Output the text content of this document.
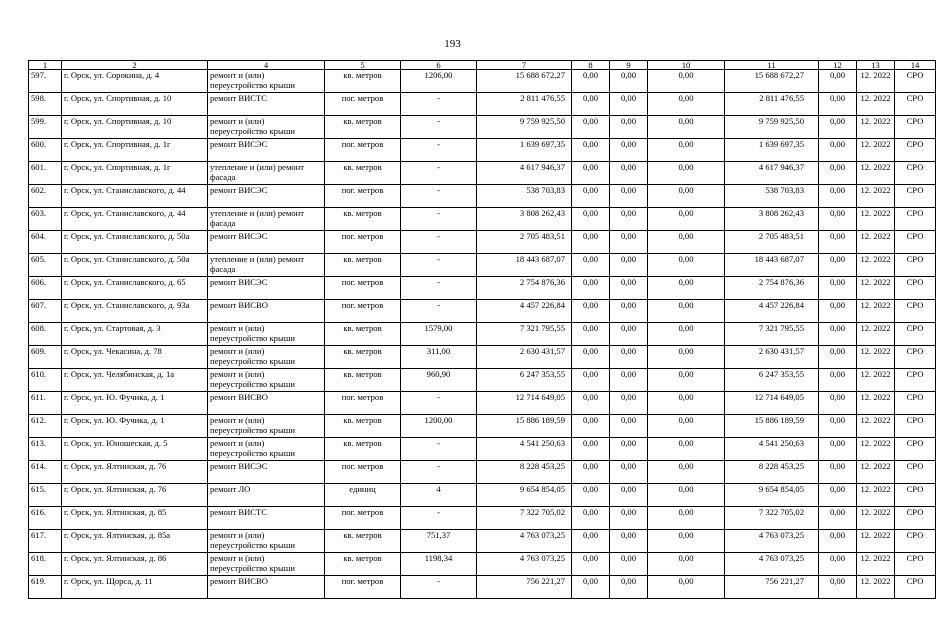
193
1	2	4	5	6	7	8	9	10	11	12	13	14
597.	г. Орск, ул. Сорокина, д. 4	ремонт и (или) переустройство крыши	кв. метров	1206,00	15 688 672,27	0,00	0,00	0,00	15 688 672,27	0,00	12. 2022	СРО
598.	г. Орск, ул. Спортивная, д. 10	ремонт ВИСТС	пог. метров	-	2 811 476,55	0,00	0,00	0,00	2 811 476,55	0,00	12. 2022	СРО
599.	г. Орск, ул. Спортивная, д. 10	ремонт и (или) переустройство крыши	кв. метров	-	9 759 925,50	0,00	0,00	0,00	9 759 925,50	0,00	12. 2022	СРО
600.	г. Орск, ул. Спортивная, д. 1г	ремонт ВИСЭС	пог. метров	-	1 639 697,35	0,00	0,00	0,00	1 639 697,35	0,00	12. 2022	СРО
601.	г. Орск, ул. Спортивная, д. 1г	утепление и (или) ремонт фасада	кв. метров	-	4 617 946,37	0,00	0,00	0,00	4 617 946,37	0,00	12. 2022	СРО
602.	г. Орск, ул. Станиславского, д. 44	ремонт ВИСЭС	пог. метров	-	538 703,83	0,00	0,00	0,00	538 703,83	0,00	12. 2022	СРО
603.	г. Орск, ул. Станиславского, д. 44	утепление и (или) ремонт фасада	кв. метров	-	3 808 262,43	0,00	0,00	0,00	3 808 262,43	0,00	12. 2022	СРО
604.	г. Орск, ул. Станиславского, д. 50а	ремонт ВИСЭС	пог. метров	-	2 705 483,51	0,00	0,00	0,00	2 705 483,51	0,00	12. 2022	СРО
605.	г. Орск, ул. Станиславского, д. 50а	утепление и (или) ремонт фасада	кв. метров	-	18 443 687,07	0,00	0,00	0,00	18 443 687,07	0,00	12. 2022	СРО
606.	г. Орск, ул. Станиславского, д. 65	ремонт ВИСЭС	пог. метров	-	2 754 876,36	0,00	0,00	0,00	2 754 876,36	0,00	12. 2022	СРО
607.	г. Орск, ул. Станиславского, д. 93а	ремонт ВИСВО	пог. метров	-	4 457 226,84	0,00	0,00	0,00	4 457 226,84	0,00	12. 2022	СРО
608.	г. Орск, ул. Стартовая, д. 3	ремонт и (или) переустройство крыши	кв. метров	1579,00	7 321 795,55	0,00	0,00	0,00	7 321 795,55	0,00	12. 2022	СРО
609.	г. Орск, ул. Чекасина, д. 78	ремонт и (или) переустройство крыши	кв. метров	311,00	2 630 431,57	0,00	0,00	0,00	2 630 431,57	0,00	12. 2022	СРО
610.	г. Орск, ул. Челябинская, д. 1а	ремонт и (или) переустройство крыши	кв. метров	960,90	6 247 353,55	0,00	0,00	0,00	6 247 353,55	0,00	12. 2022	СРО
611.	г. Орск, ул. Ю. Фучика, д. 1	ремонт ВИСВО	пог. метров	-	12 714 649,05	0,00	0,00	0,00	12 714 649,05	0,00	12. 2022	СРО
612.	г. Орск, ул. Ю. Фучика, д. 1	ремонт и (или) переустройство крыши	кв. метров	1200,00	15 886 189,59	0,00	0,00	0,00	15 886 189,59	0,00	12. 2022	СРО
613.	г. Орск, ул. Юношеская, д. 5	ремонт и (или) переустройство крыши	кв. метров	-	4 541 250,63	0,00	0,00	0,00	4 541 250,63	0,00	12. 2022	СРО
614.	г. Орск, ул. Ялтинская, д. 76	ремонт ВИСЭС	пог. метров	-	8 228 453,25	0,00	0,00	0,00	8 228 453,25	0,00	12. 2022	СРО
615.	г. Орск, ул. Ялтинская, д. 76	ремонт ЛО	единиц	4	9 654 854,05	0,00	0,00	0,00	9 654 854,05	0,00	12. 2022	СРО
616.	г. Орск, ул. Ялтинская, д. 85	ремонт ВИСТС	пог. метров	-	7 322 705,02	0,00	0,00	0,00	7 322 705,02	0,00	12. 2022	СРО
617.	г. Орск, ул. Ялтинская, д. 85а	ремонт и (или) переустройство крыши	кв. метров	751,37	4 763 073,25	0,00	0,00	0,00	4 763 073,25	0,00	12. 2022	СРО
618.	г. Орск, ул. Ялтинская, д. 86	ремонт и (или) переустройство крыши	кв. метров	1198,34	4 763 073,25	0,00	0,00	0,00	4 763 073,25	0,00	12. 2022	СРО
619.	г. Орск, ул. Щорса, д. 11	ремонт ВИСВО	пог. метров	-	756 221,27	0,00	0,00	0,00	756 221,27	0,00	12. 2022	СРО
